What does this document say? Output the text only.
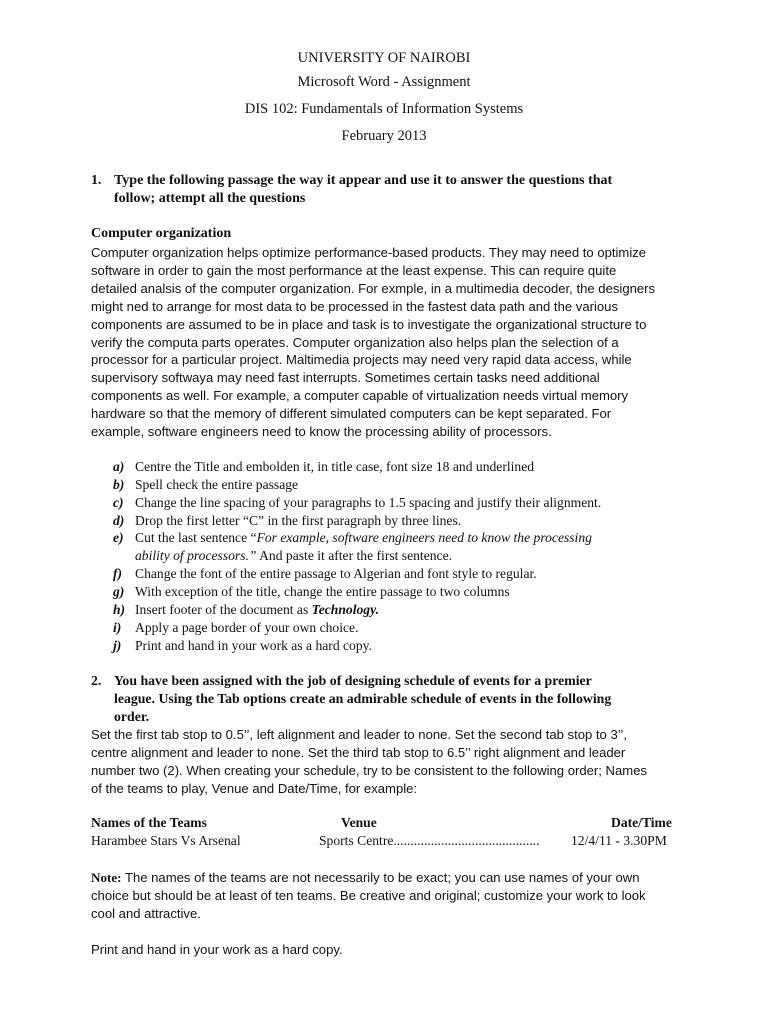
UNIVERSITY OF NAIROBI
Microsoft Word - Assignment
DIS 102: Fundamentals of Information Systems
February 2013
1. Type the following passage the way it appear and use it to answer the questions that
follow; attempt all the questions
Computer organization
Computer organization helps optimize performance-based products. They may need to optimize
software in order to gain the most performance at the least expense. This can require quite
detailed analsis of the computer organization. For exmple, in a multimedia decoder, the designers
might ned to arrange for most data to be processed in the fastest data path and the various
components are assumed to be in place and task is to investigate the organizational structure to
verify the computa parts operates. Computer organization also helps plan the selection of a
processor for a particular project. Maltimedia projects may need very rapid data access, while
supervisory softwaya may need fast interrupts. Sometimes certain tasks need additional
components as well. For example, a computer capable of virtualization needs virtual memory
hardware so that the memory of different simulated computers can be kept separated. For
example, software engineers need to know the processing ability of processors.
a) Centre the Title and embolden it, in title case, font size 18 and underlined
b) Spell check the entire passage
c) Change the line spacing of your paragraphs to 1.5 spacing and justify their alignment.
d) Drop the first letter “C” in the first paragraph by three lines.
e) Cut the last sentence “For example, software engineers need to know the processing
ability of processors.” And paste it after the first sentence.
f) Change the font of the entire passage to Algerian and font style to regular.
g) With exception of the title, change the entire passage to two columns
h) Insert footer of the document as Technology.
i) Apply a page border of your own choice.
j) Print and hand in your work as a hard copy.
2. You have been assigned with the job of designing schedule of events for a premier
league. Using the Tab options create an admirable schedule of events in the following
order.
Set the first tab stop to 0.5’’, left alignment and leader to none. Set the second tab stop to 3’’,
centre alignment and leader to none. Set the third tab stop to 6.5’’ right alignment and leader
number two (2). When creating your schedule, try to be consistent to the following order; Names
of the teams to play, Venue and Date/Time, for example:
Names of the Teams	Venue	Date/Time
Harambee Stars Vs Arsenal	Sports Centre........................................... 12/4/11 - 3.30PM
Note: The names of the teams are not necessarily to be exact; you can use names of your own
choice but should be at least of ten teams. Be creative and original; customize your work to look
cool and attractive.
Print and hand in your work as a hard copy.
